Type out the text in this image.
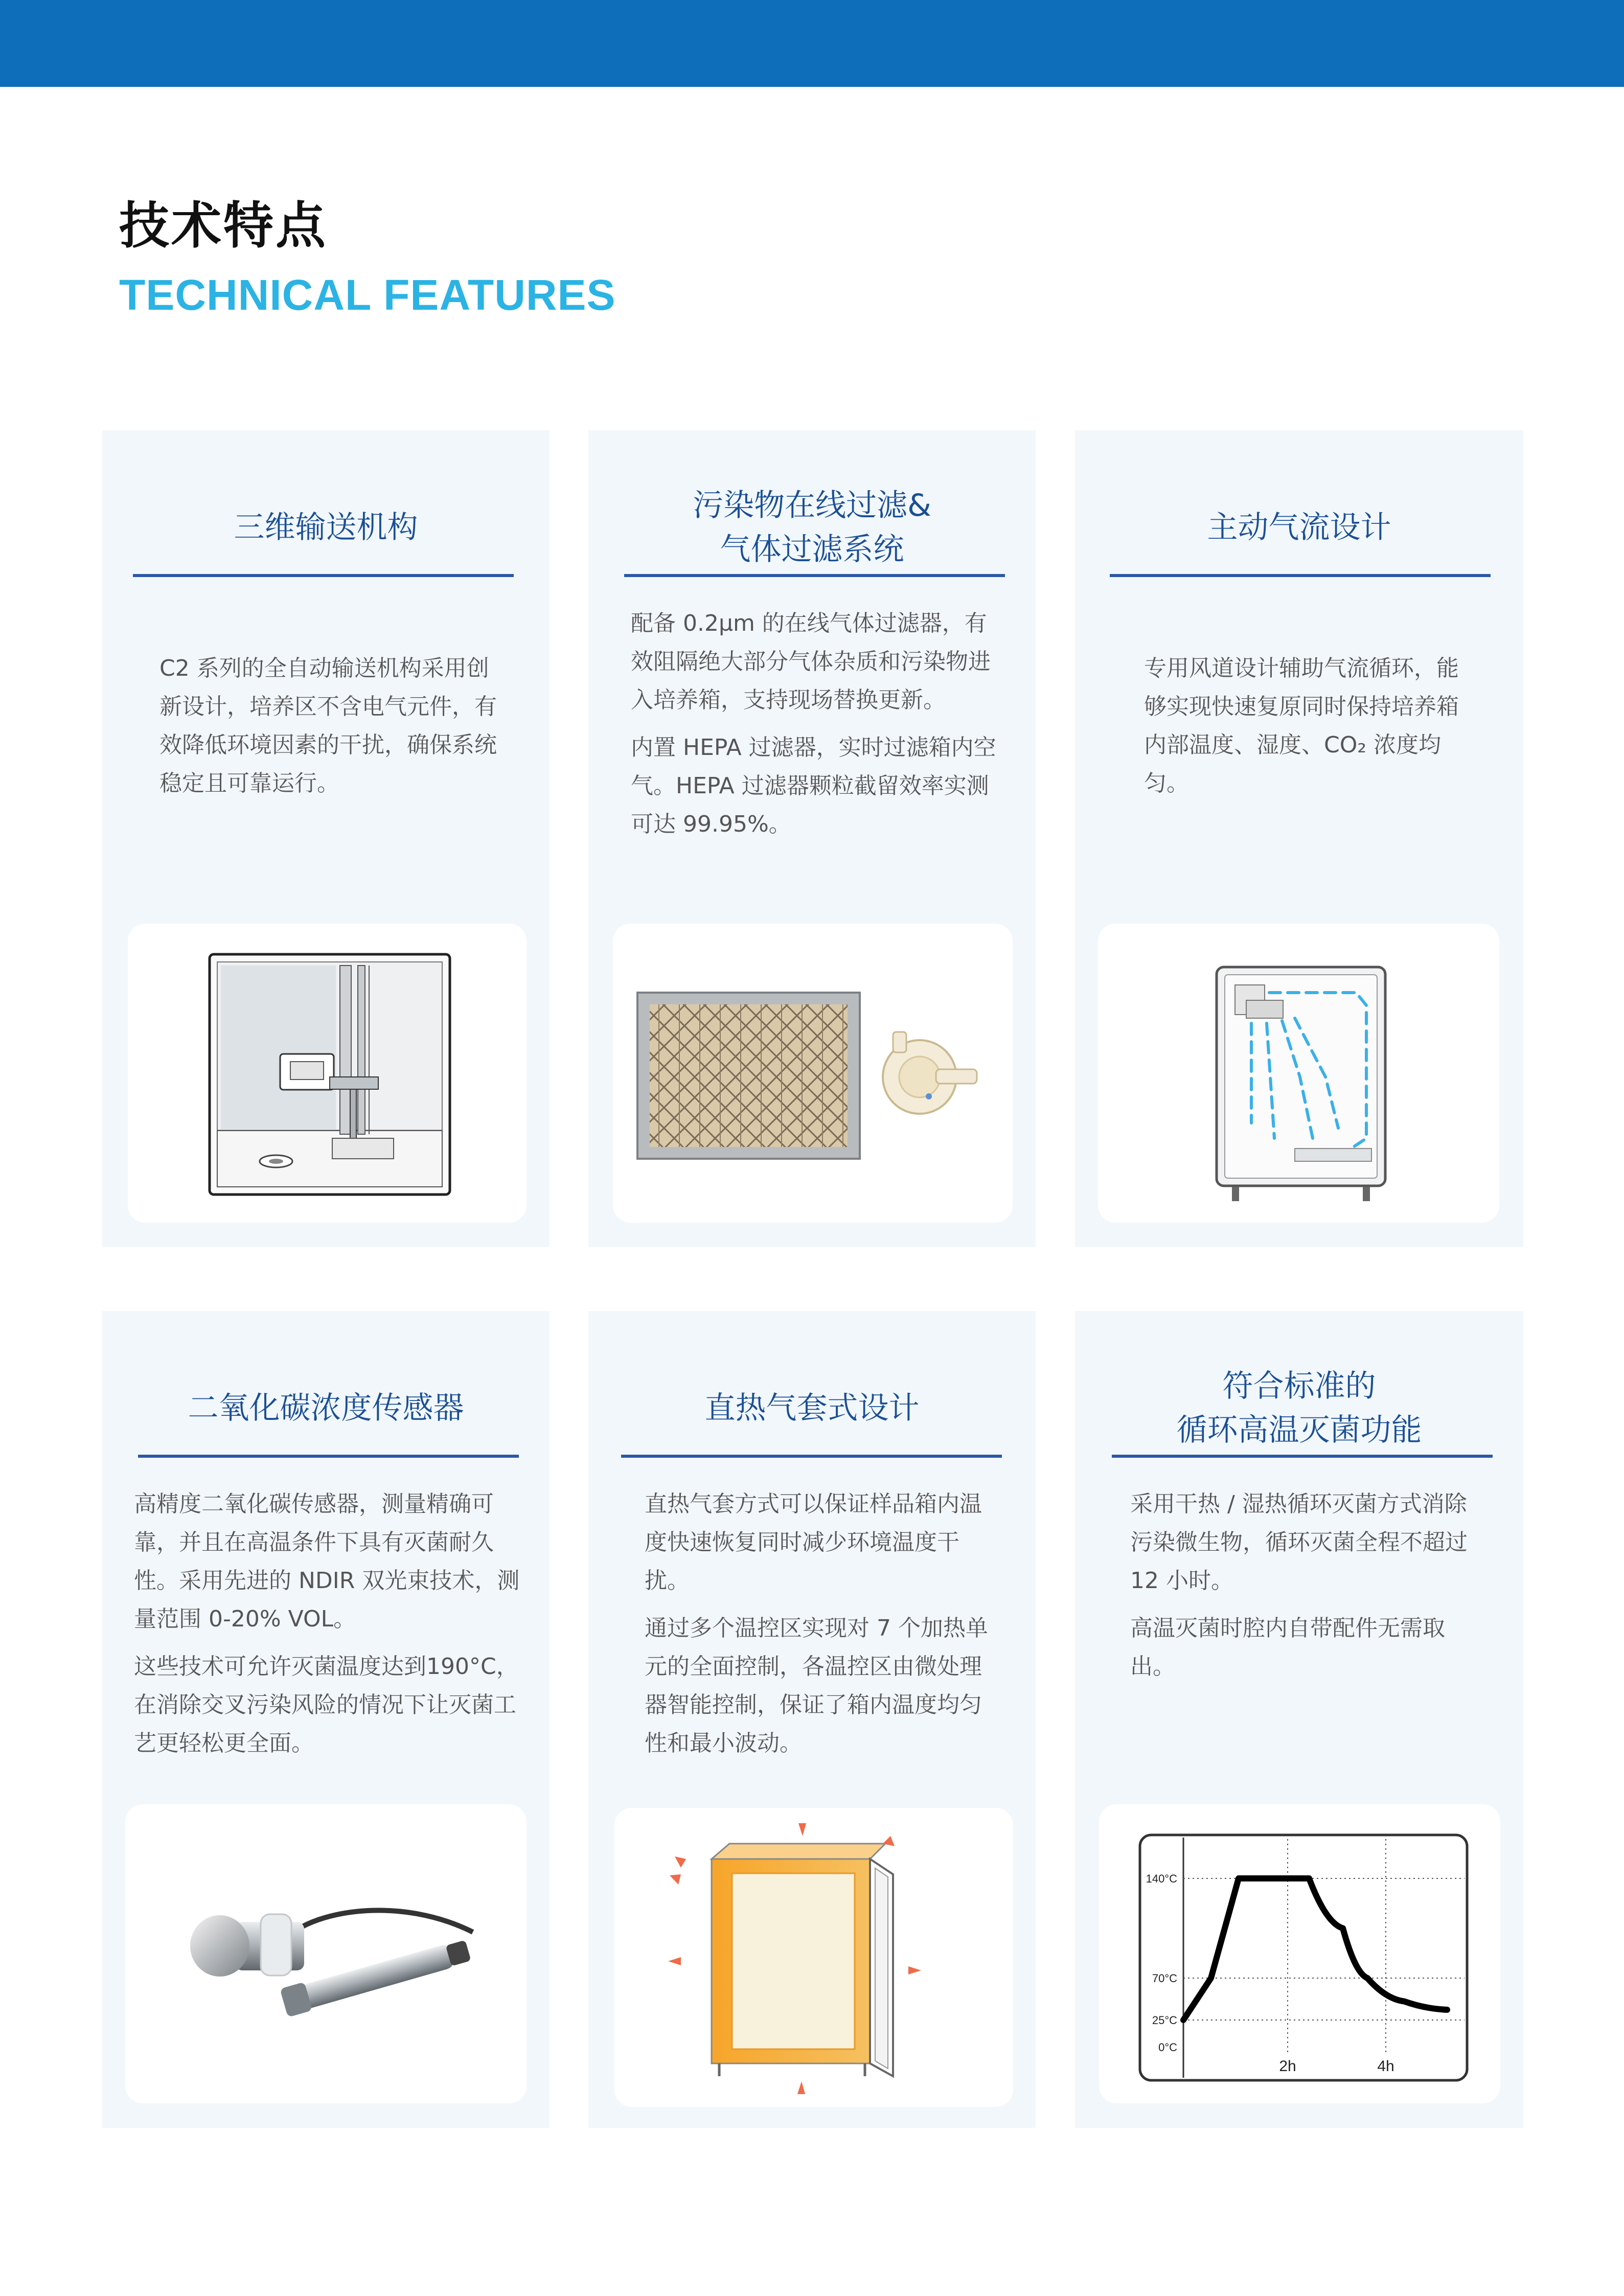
技术特点
TECHNICAL FEATURES
三维输送机构

C2 系列的全自动输送机构采用创新设计，培养区不含电气元件，有效降低环境因素的干扰，确保系统稳定且可靠运行。

污染物在线过滤&
气体过滤系统

配备 0.2μm 的在线气体过滤器，有效阻隔绝大部分气体杂质和污染物进入培养箱，支持现场替换更新。

内置 HEPA 过滤器，实时过滤箱内空气。HEPA 过滤器颗粒截留效率实测可达 99.95%。

主动气流设计

专用风道设计辅助气流循环，能够实现快速复原同时保持培养箱内部温度、湿度、CO₂ 浓度均匀。

二氧化碳浓度传感器

高精度二氧化碳传感器，测量精确可靠，并且在高温条件下具有灭菌耐久性。采用先进的 NDIR 双光束技术，测量范围 0-20% VOL。

这些技术可允许灭菌温度达到190°C，在消除交叉污染风险的情况下让灭菌工艺更轻松更全面。

直热气套式设计

直热气套方式可以保证样品箱内温度快速恢复同时减少环境温度干扰。

通过多个温控区实现对 7 个加热单元的全面控制，各温控区由微处理器智能控制，保证了箱内温度均匀性和最小波动。

符合标准的
循环高温灭菌功能

采用干热 / 湿热循环灭菌方式消除污染微生物，循环灭菌全程不超过 12 小时。

高温灭菌时腔内自带配件无需取出。

140°C
70°C
25°C
0°C
2h	4h
